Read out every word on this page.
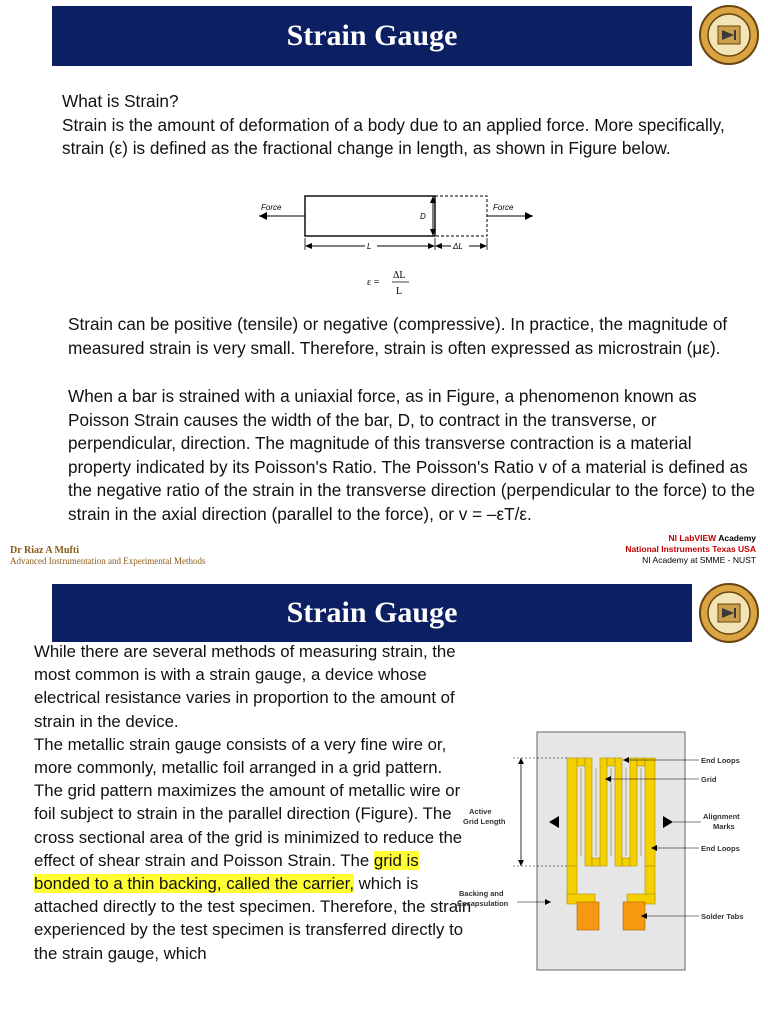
Strain Gauge
What is Strain?
Strain is the amount of deformation of a body due to an applied force. More specifically, strain (ε) is defined as the fractional change in length, as shown in Figure below.
Force	Force
D
L	ΔL
ε =
ΔL
L

Strain can be positive (tensile) or negative (compressive). In practice, the magnitude of measured strain is very small. Therefore, strain is often expressed as microstrain (με).

When a bar is strained with a uniaxial force, as in Figure, a phenomenon known as Poisson Strain causes the width of the bar, D, to contract in the transverse, or perpendicular, direction. The magnitude of this transverse contraction is a material property indicated by its Poisson's Ratio. The Poisson's Ratio v of a material is defined as the negative ratio of the strain in the transverse direction (perpendicular to the force) to the strain in the axial direction (parallel to the force), or v = –εT/ε.

Dr Riaz A Mufti
Advanced Instrumentation and Experimental Methods
NI LabVIEW Academy
National Instruments Texas USA
NI Academy at SMME - NUST
Strain Gauge
While there are several methods of measuring strain, the most common is with a strain gauge, a device whose electrical resistance varies in proportion to the amount of strain in the device.
The metallic strain gauge consists of a very fine wire or, more commonly, metallic foil arranged in a grid pattern. The grid pattern maximizes the amount of metallic wire or foil subject to strain in the parallel direction (Figure). The cross sectional area of the grid is minimized to reduce the effect of shear strain and Poisson Strain. The grid is bonded to a thin backing, called the carrier, which is attached directly to the test specimen. Therefore, the strain experienced by the test specimen is transferred directly to the strain gauge, which
End Loops
Grid
Active
Grid Length
Alignment
Marks
End Loops
Backing and
Encapsulation
Solder Tabs
